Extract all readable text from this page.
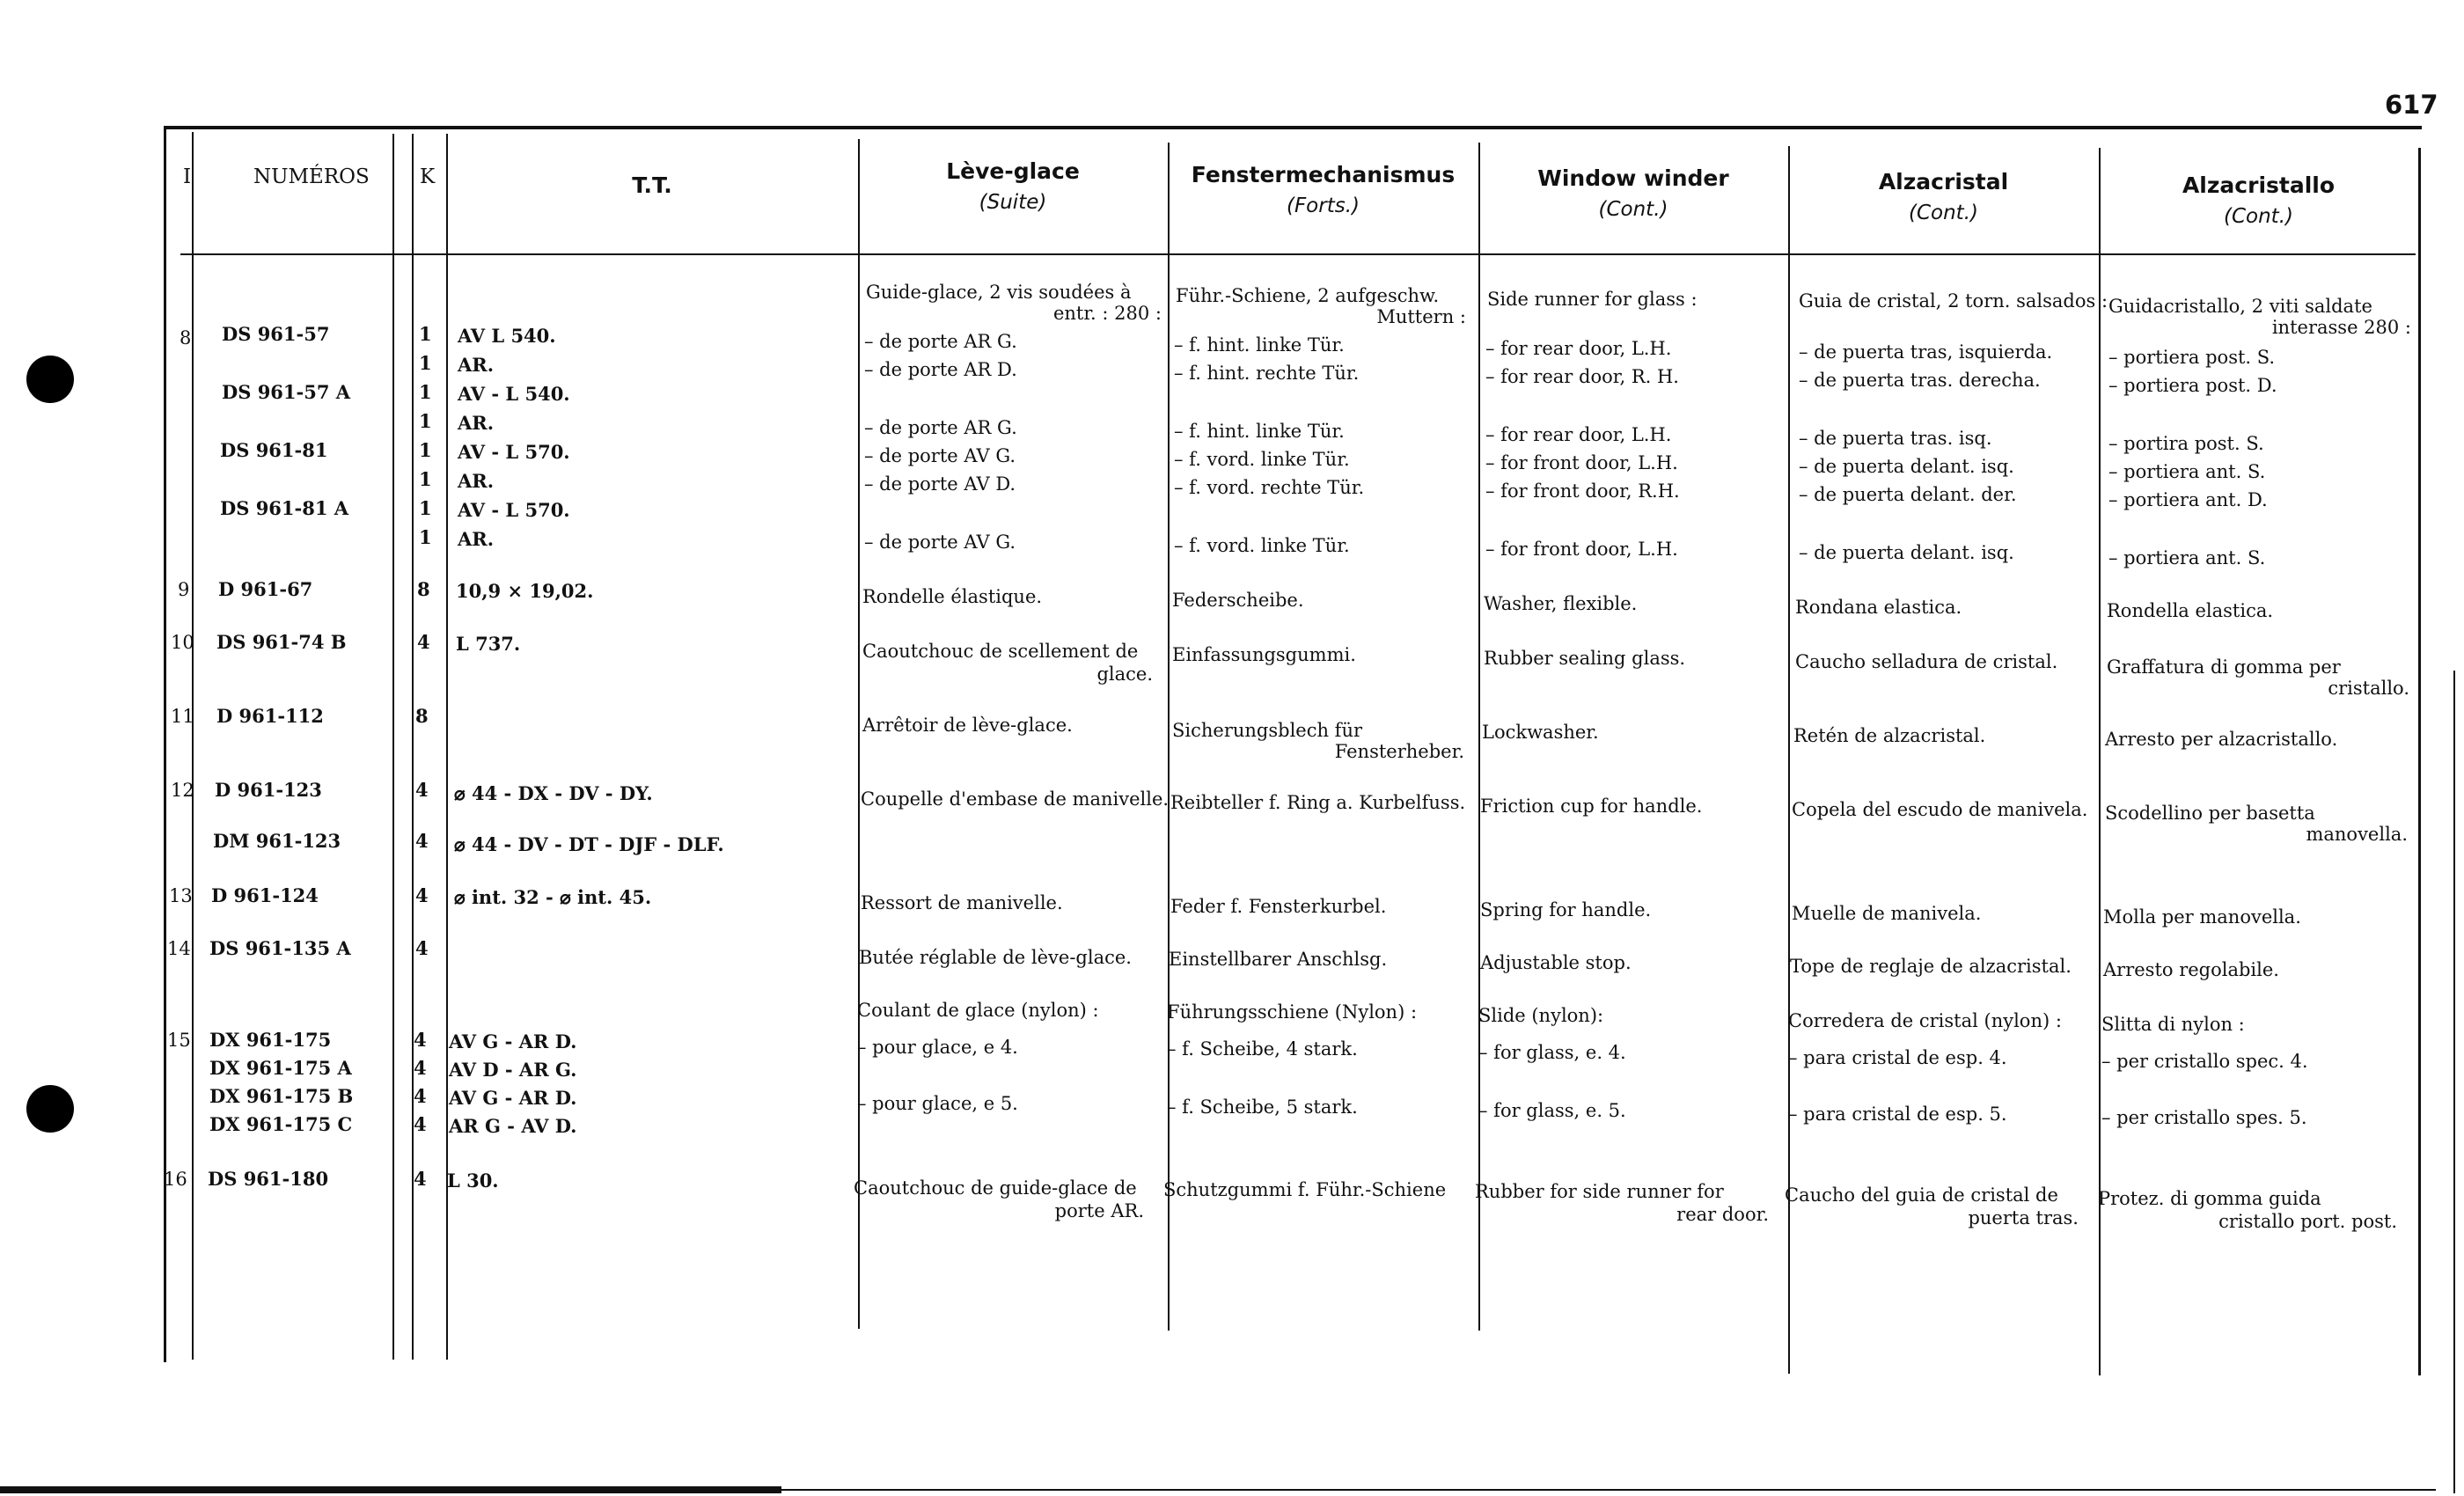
617
I	NUMÉROS K	T.T.
Lève-glace
(Suite)
Fenstermechanismus
(Forts.)
Window winder
(Cont.)
Alzacristal
(Cont.)
Alzacristallo
(Cont.)
8
9
10
11
12
13
14
15
16
DS 961-57
DS 961-57 A
DS 961-81
DS 961-81 A
D 961-67
DS 961-74 B
D 961-112
D 961-123
DM 961-123
D 961-124
DS 961-135 A
DX 961-175
DX 961-175 A
DX 961-175 B
DX 961-175 C
DS 961-180
1
1
1
1
1
1
1
1
8
4
8
4
4
4
4
4
4
4
4
4
AV L 540.
AR.
AV - L 540.
AR.
AV - L 570.
AR.
AV - L 570.
AR.
10,9 × 19,02.
L 737.
⌀ 44 - DX - DV - DY.
⌀ 44 - DV - DT - DJF - DLF.
⌀ int. 32 - ⌀ int. 45.
AV G - AR D.
AV D - AR G.
AV G - AR D.
AR G - AV D.
L 30.
Guide-glace, 2 vis soudées à
entr. : 280 :
– de porte AR G.
– de porte AR D.
– de porte AR G.
– de porte AV G.
– de porte AV D.
– de porte AV G.
Rondelle élastique.
Caoutchouc de scellement de
glace.
Arrêtoir de lève-glace.
Coupelle d'embase de manivelle.
Ressort de manivelle.
Butée réglable de lève-glace.
Coulant de glace (nylon) :
– pour glace, e 4.
– pour glace, e 5.
Caoutchouc de guide-glace de
porte AR.
Führ.-Schiene, 2 aufgeschw.
Muttern :
– f. hint. linke Tür.
– f. hint. rechte Tür.
– f. hint. linke Tür.
– f. vord. linke Tür.
– f. vord. rechte Tür.
– f. vord. linke Tür.
Federscheibe.
Einfassungsgummi.
Sicherungsblech für
Fensterheber.
Reibteller f. Ring a. Kurbelfuss.
Feder f. Fensterkurbel.
Einstellbarer Anschlsg.
Führungsschiene (Nylon) :
– f. Scheibe, 4 stark.
– f. Scheibe, 5 stark.
Schutzgummi f. Führ.-Schiene
Side runner for glass :
– for rear door, L.H.
– for rear door, R. H.
– for rear door, L.H.
– for front door, L.H.
– for front door, R.H.
– for front door, L.H.
Washer, flexible.
Rubber sealing glass.
Lockwasher.
Friction cup for handle.
Spring for handle.
Adjustable stop.
Slide (nylon):
– for glass, e. 4.
– for glass, e. 5.
Rubber for side runner for
rear door.
Guia de cristal, 2 torn. salsados :
– de puerta tras, isquierda.
– de puerta tras. derecha.
– de puerta tras. isq.
– de puerta delant. isq.
– de puerta delant. der.
– de puerta delant. isq.
Rondana elastica.
Caucho selladura de cristal.
Retén de alzacristal.
Copela del escudo de manivela.
Muelle de manivela.
Tope de reglaje de alzacristal.
Corredera de cristal (nylon) :
– para cristal de esp. 4.
– para cristal de esp. 5.
Caucho del guia de cristal de
puerta tras.
Guidacristallo, 2 viti saldate
interasse 280 :
– portiera post. S.
– portiera post. D.
– portira post. S.
– portiera ant. S.
– portiera ant. D.
– portiera ant. S.
Rondella elastica.
Graffatura di gomma per
cristallo.
Arresto per alzacristallo.
Scodellino per basetta
manovella.
Molla per manovella.
Arresto regolabile.
Slitta di nylon :
– per cristallo spec. 4.
– per cristallo spes. 5.
Protez. di gomma guida
cristallo port. post.
